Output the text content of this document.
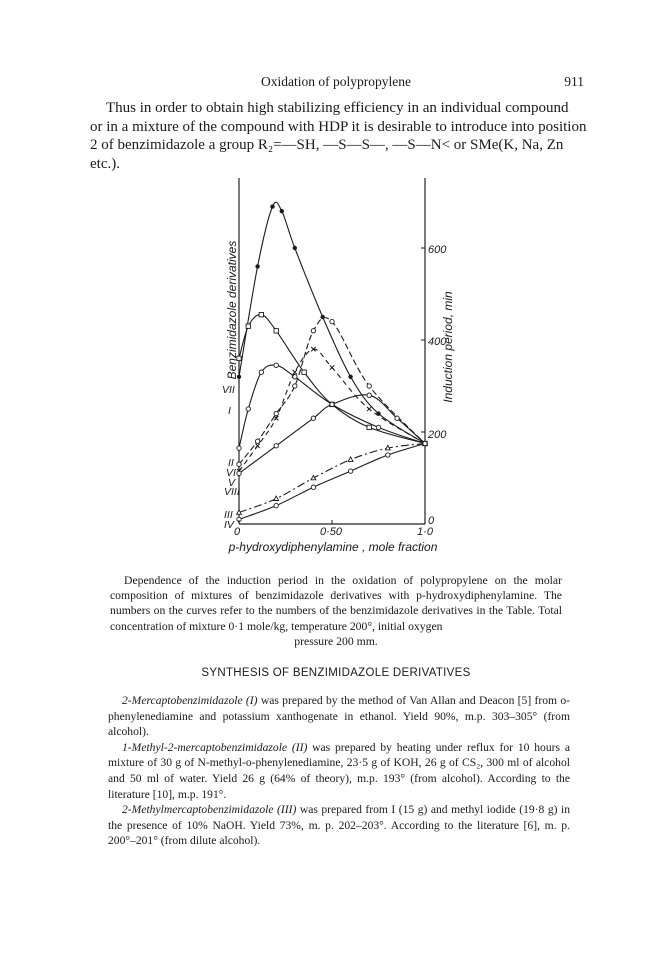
Oxidation of polypropylene	911

Thus in order to obtain high stabilizing efficiency in an individual compound

or in a mixture of the compound with HDP it is desirable to introduce into position

2 of benzimidazole a group R₂=—SH, —S—S—, —S—N< or SMe(K, Na, Zn etc.).

Benzimidazole derivatives	Induction period, min
p-hydroxydiphenylamine , mole fraction
0	0·50	1·0
0
200
400
600
VII
I
II
VI
V
VIII
III
IV
Dependence of the induction period in the oxidation of polypropylene on the molar composition of mixtures of benzimidazole derivatives with p-hydroxydiphenylamine. The numbers on the curves refer to the numbers of the benzimidazole derivatives in the Table. Total concentration of mixture 0·1 mole/kg, temperature 200°, initial oxygen
pressure 200 mm.
SYNTHESIS OF BENZIMIDAZOLE DERIVATIVES

2-Mercaptobenzimidazole (I) was prepared by the method of Van Allan and Deacon [5] from o-phenylenediamine and potassium xanthogenate in ethanol. Yield 90%, m.p. 303–305° (from alcohol).

1-Methyl-2-mercaptobenzimidazole (II) was prepared by heating under reflux for 10 hours a mixture of 30 g of N-methyl-o-phenylenediamine, 23·5 g of KOH, 26 g of CS₂, 300 ml of alcohol and 50 ml of water. Yield 26 g (64% of theory), m.p. 193° (from alcohol). According to the literature [10], m.p. 191°.

2-Methylmercaptobenzimidazole (III) was prepared from I (15 g) and methyl iodide (19·8 g) in the presence of 10% NaOH. Yield 73%, m. p. 202–203°. According to the literature [6], m. p. 200°–201° (from dilute alcohol).
